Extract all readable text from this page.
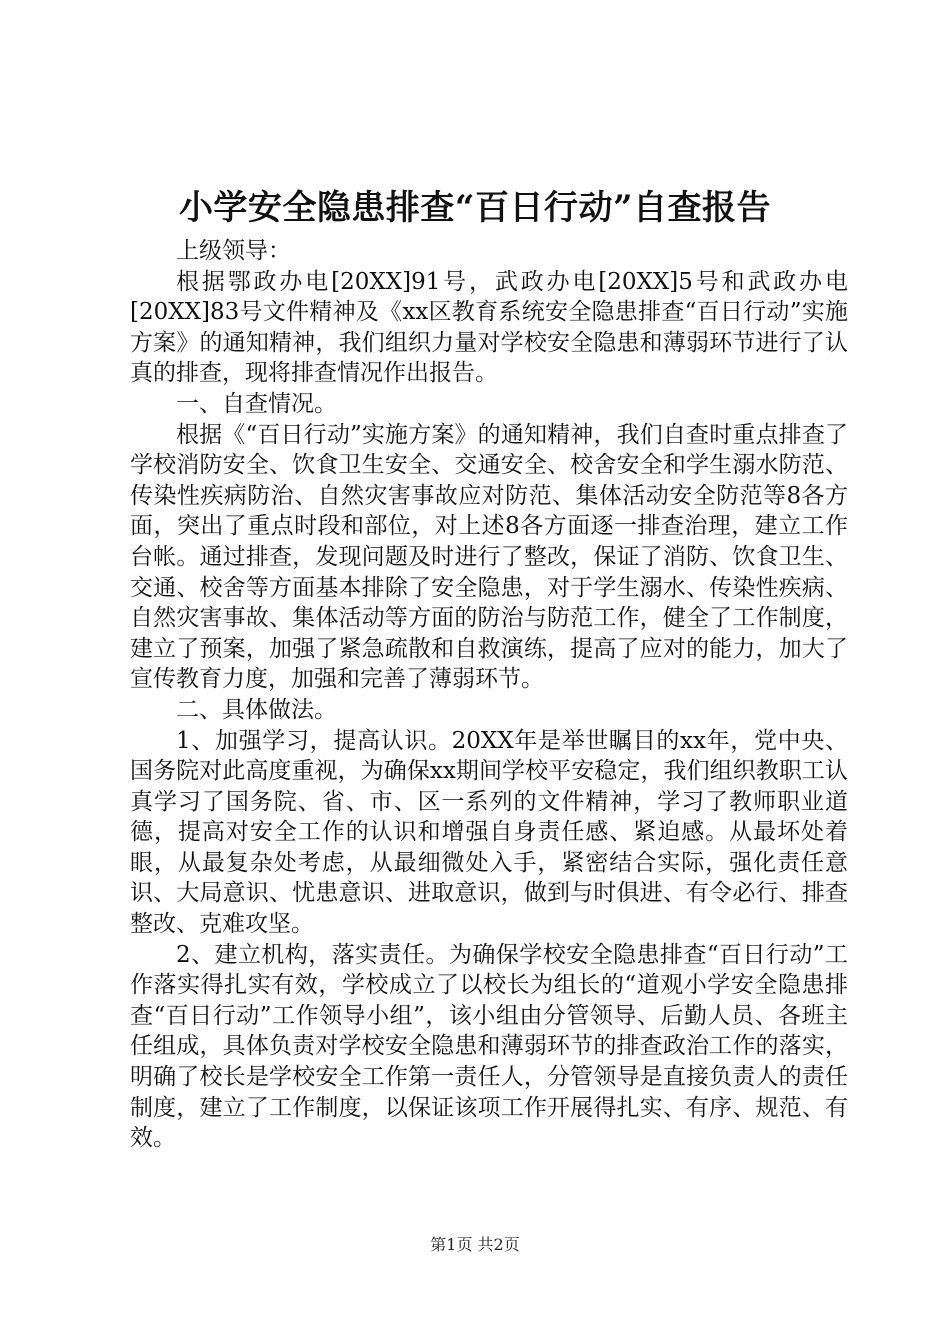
小学安全隐患排查“百日行动”自查报告

上级领导：

根据鄂政办电[20XX]91号，武政办电[20XX]5号和武政办电[20XX]83号文件精神及《xx区教育系统安全隐患排查“百日行动”实施方案》的通知精神，我们组织力量对学校安全隐患和薄弱环节进行了认真的排查，现将排查情况作出报告。

一、自查情况。

根据《“百日行动”实施方案》的通知精神，我们自查时重点排查了学校消防安全、饮食卫生安全、交通安全、校舍安全和学生溺水防范、传染性疾病防治、自然灾害事故应对防范、集体活动安全防范等8各方面，突出了重点时段和部位，对上述8各方面逐一排查治理，建立工作台帐。通过排查，发现问题及时进行了整改，保证了消防、饮食卫生、交通、校舍等方面基本排除了安全隐患，对于学生溺水、传染性疾病、自然灾害事故、集体活动等方面的防治与防范工作，健全了工作制度，建立了预案，加强了紧急疏散和自救演练，提高了应对的能力，加大了宣传教育力度，加强和完善了薄弱环节。

二、具体做法。

1、加强学习，提高认识。20XX年是举世瞩目的xx年，党中央、国务院对此高度重视，为确保xx期间学校平安稳定，我们组织教职工认真学习了国务院、省、市、区一系列的文件精神，学习了教师职业道德，提高对安全工作的认识和增强自身责任感、紧迫感。从最坏处着眼，从最复杂处考虑，从最细微处入手，紧密结合实际，强化责任意识、大局意识、忧患意识、进取意识，做到与时俱进、有令必行、排查整改、克难攻坚。

2、建立机构，落实责任。为确保学校安全隐患排查“百日行动”工作落实得扎实有效，学校成立了以校长为组长的“道观小学安全隐患排查“百日行动”工作领导小组”，该小组由分管领导、后勤人员、各班主任组成，具体负责对学校安全隐患和薄弱环节的排查政治工作的落实，明确了校长是学校安全工作第一责任人，分管领导是直接负责人的责任制度，建立了工作制度，以保证该项工作开展得扎实、有序、规范、有效。

第1页 共2页
